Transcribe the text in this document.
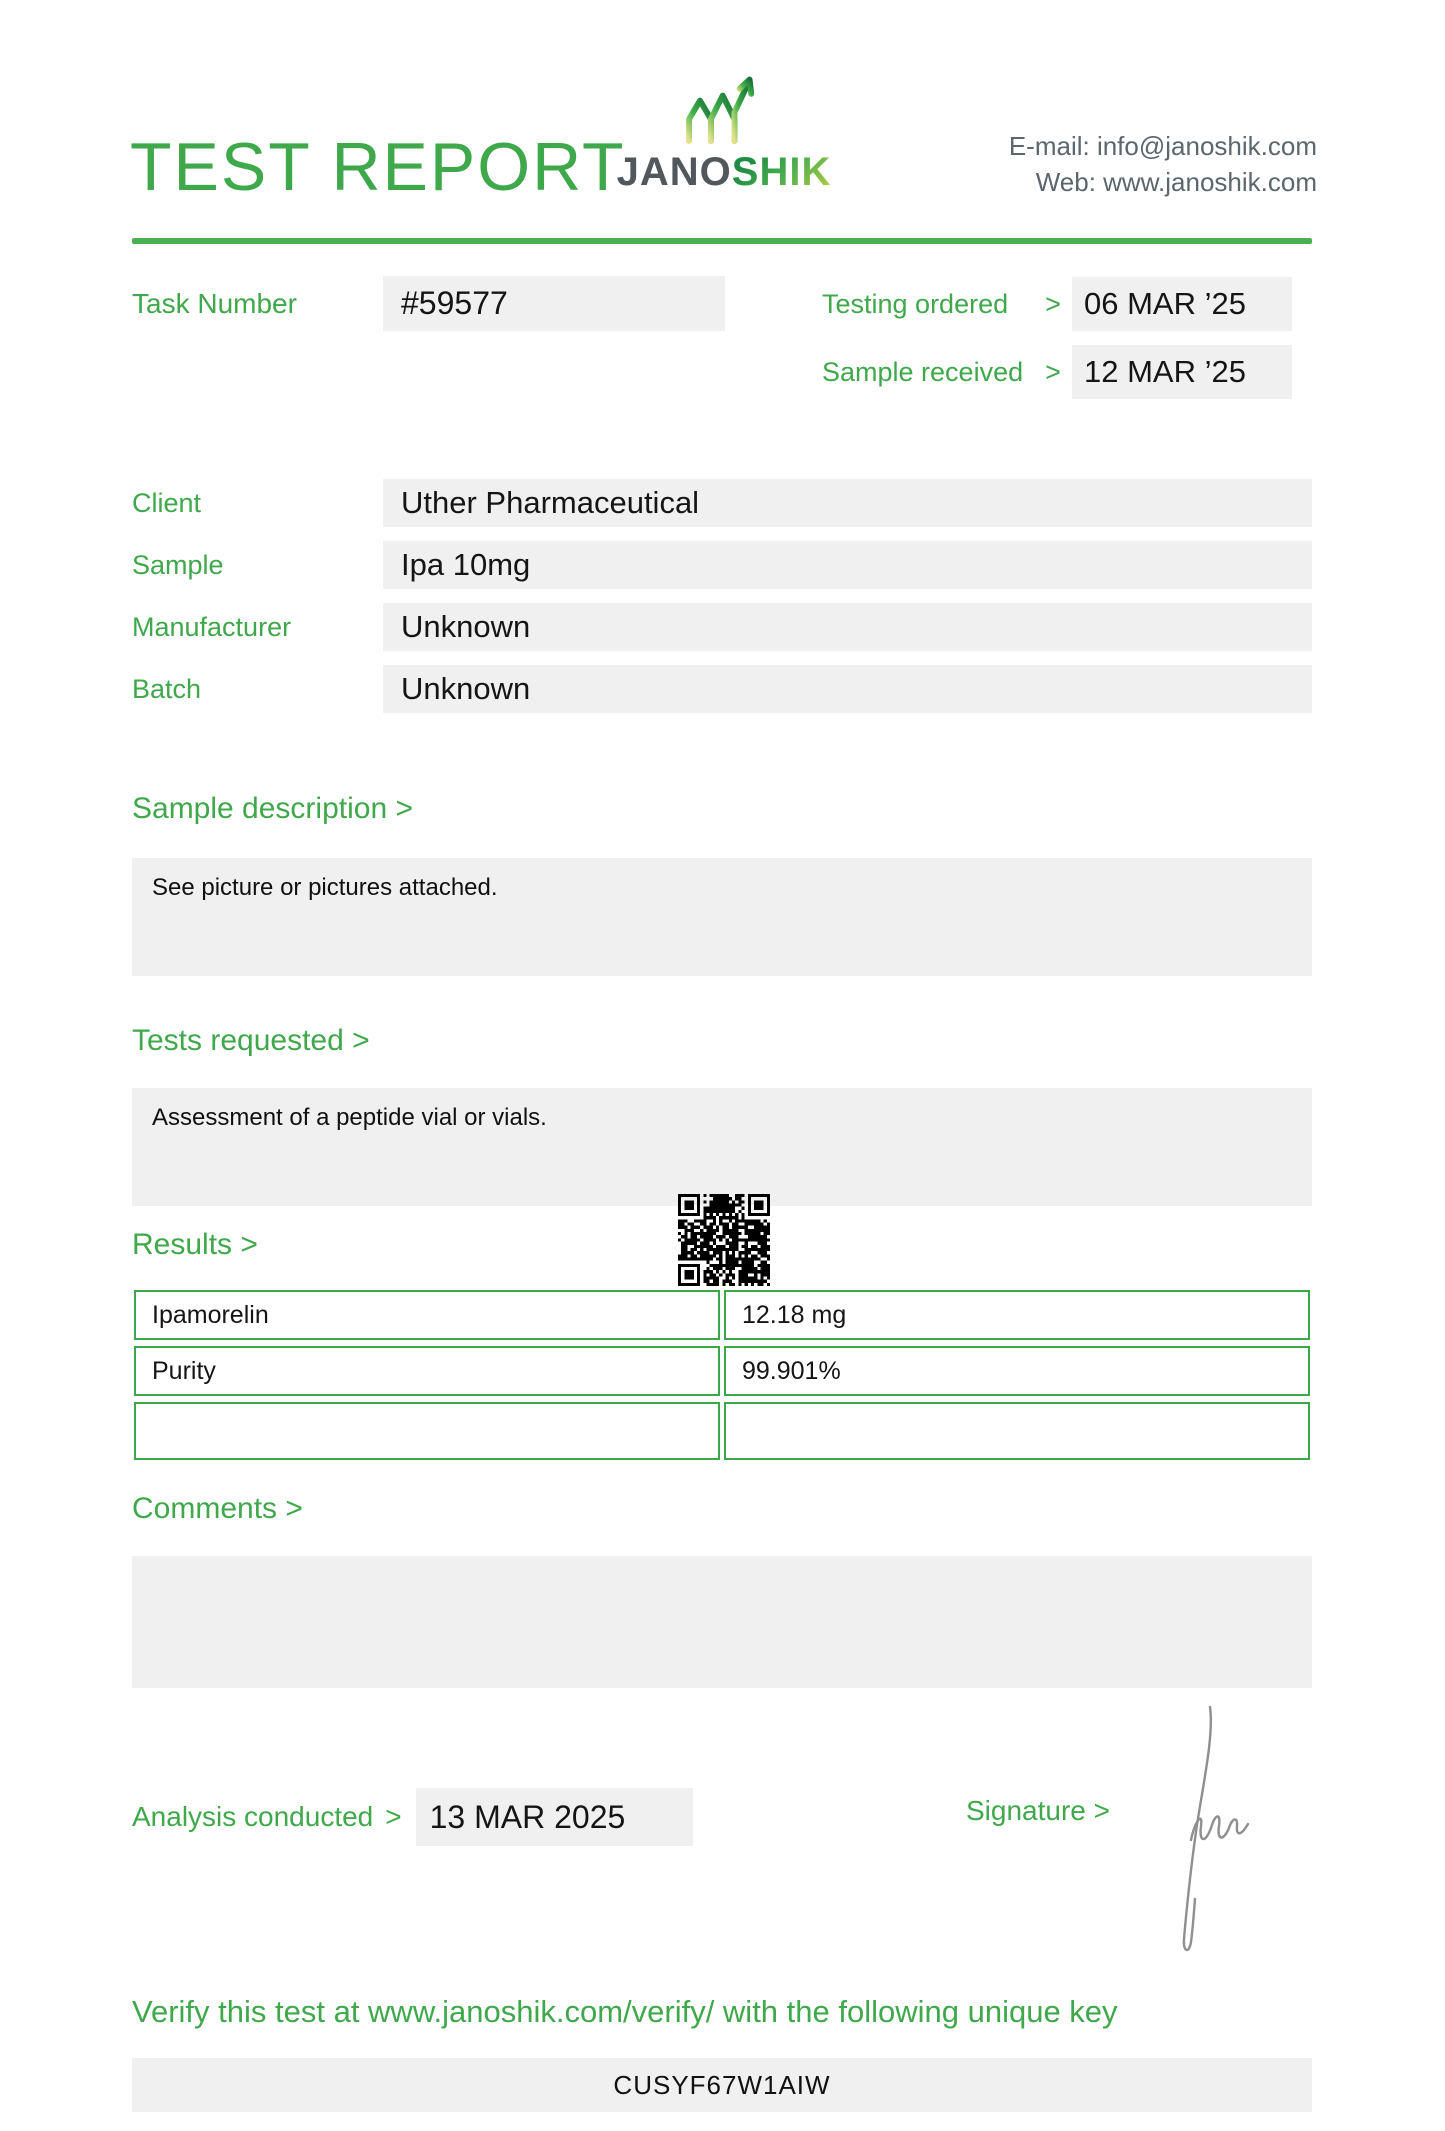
TEST REPORT
JANOSHIK
E-mail: info@janoshik.com
Web: www.janoshik.com
Task Number	#59577	Testing ordered	> 06 MAR ’25
Sample received > 12 MAR ’25
Client	Uther Pharmaceutical
Sample	Ipa 10mg
Manufacturer	Unknown
Batch	Unknown
Sample description >
See picture or pictures attached.
Tests requested >
Assessment of a peptide vial or vials.
Results >
Ipamorelin	12.18 mg
Purity	99.901%
Comments >
Analysis conducted > 13 MAR 2025	Signature >
Verify this test at www.janoshik.com/verify/ with the following unique key
CUSYF67W1AIW
